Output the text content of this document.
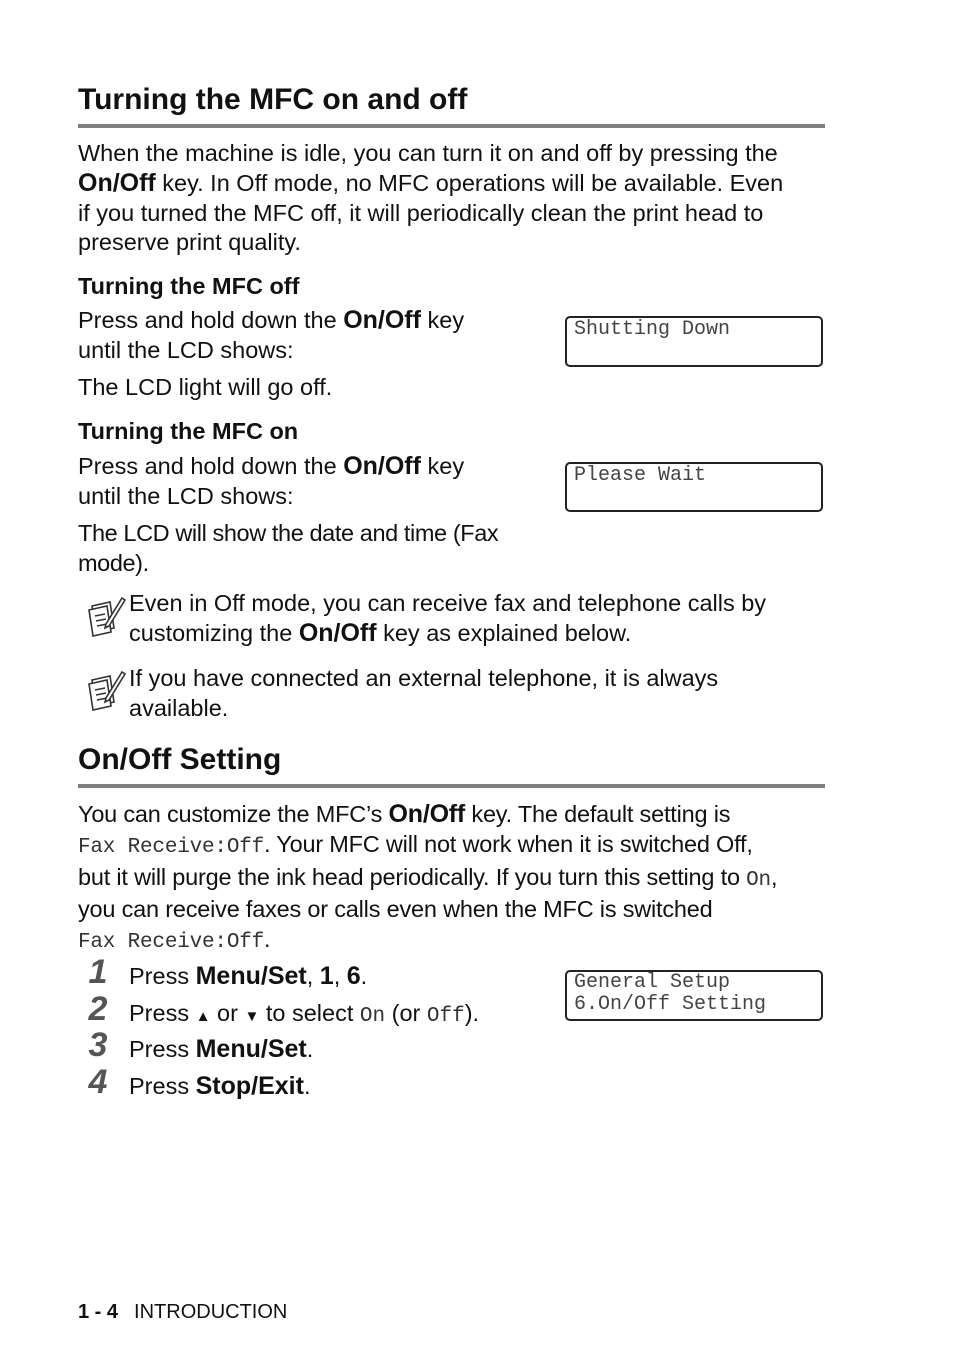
Turning the MFC on and off
When the machine is idle, you can turn it on and off by pressing the
On/Off key. In Off mode, no MFC operations will be available. Even
if you turned the MFC off, it will periodically clean the print head to
preserve print quality.
Turning the MFC off
Press and hold down the On/Off key
until the LCD shows:
The LCD light will go off.
Shutting Down
Turning the MFC on
Press and hold down the On/Off key
until the LCD shows:
The LCD will show the date and time (Fax
mode).
Please Wait
Even in Off mode, you can receive fax and telephone calls by
customizing the On/Off key as explained below.
If you have connected an external telephone, it is always
available.
On/Off Setting
You can customize the MFC’s On/Off key. The default setting is
Fax Receive:Off. Your MFC will not work when it is switched Off,
but it will purge the ink head periodically. If you turn this setting to On,
you can receive faxes or calls even when the MFC is switched
Fax Receive:Off.
1 Press Menu/Set, 1, 6.
2 Press ▲ or ▼ to select On (or Off).
3 Press Menu/Set.
4 Press Stop/Exit.
General Setup
6.On/Off Setting
1 - 4 INTRODUCTION
